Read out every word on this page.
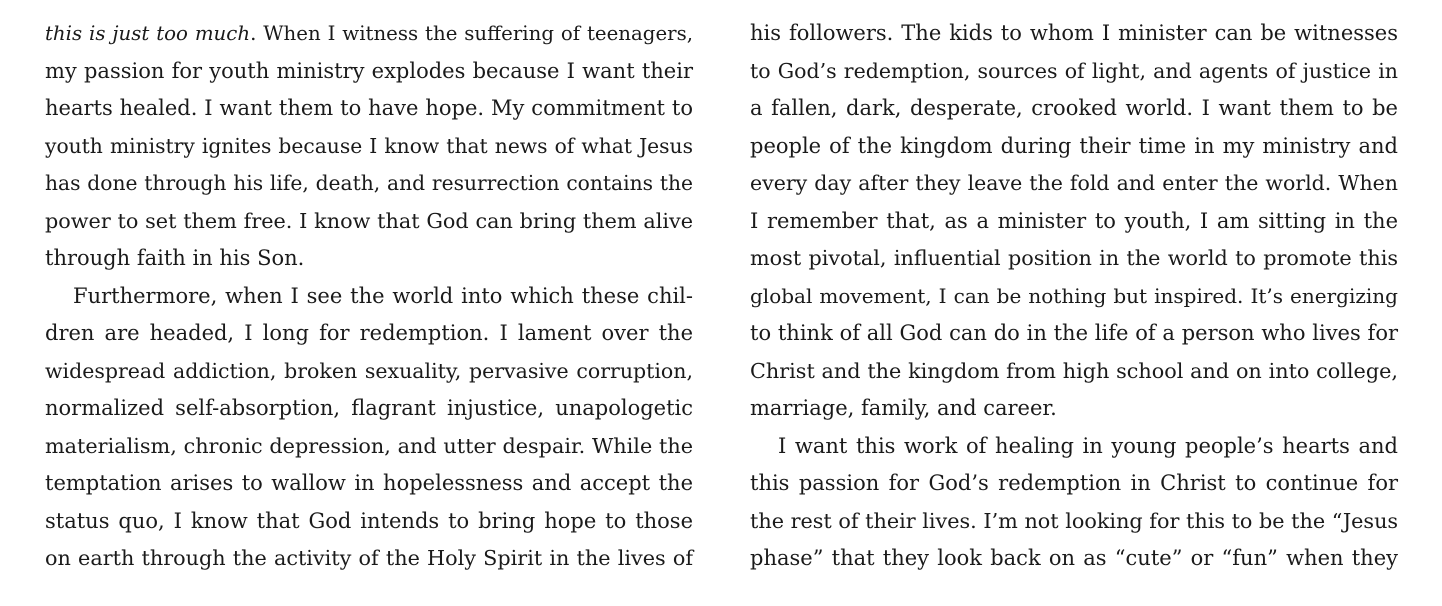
this is just too much. When I witness the suffering of teenagers,
my passion for youth ministry explodes because I want their
hearts healed. I want them to have hope. My commitment to
youth ministry ignites because I know that news of what Jesus
has done through his life, death, and resurrection contains the
power to set them free. I know that God can bring them alive
through faith in his Son.
Furthermore, when I see the world into which these chil-
dren are headed, I long for redemption. I lament over the
widespread addiction, broken sexuality, pervasive corruption,
normalized self-absorption, flagrant injustice, unapologetic
materialism, chronic depression, and utter despair. While the
temptation arises to wallow in hopelessness and accept the
status quo, I know that God intends to bring hope to those
on earth through the activity of the Holy Spirit in the lives of
his followers. The kids to whom I minister can be witnesses
to God’s redemption, sources of light, and agents of justice in
a fallen, dark, desperate, crooked world. I want them to be
people of the kingdom during their time in my ministry and
every day after they leave the fold and enter the world. When
I remember that, as a minister to youth, I am sitting in the
most pivotal, influential position in the world to promote this
global movement, I can be nothing but inspired. It’s energizing
to think of all God can do in the life of a person who lives for
Christ and the kingdom from high school and on into college,
marriage, family, and career.
I want this work of healing in young people’s hearts and
this passion for God’s redemption in Christ to continue for
the rest of their lives. I’m not looking for this to be the “Jesus
phase” that they look back on as “cute” or “fun” when they
